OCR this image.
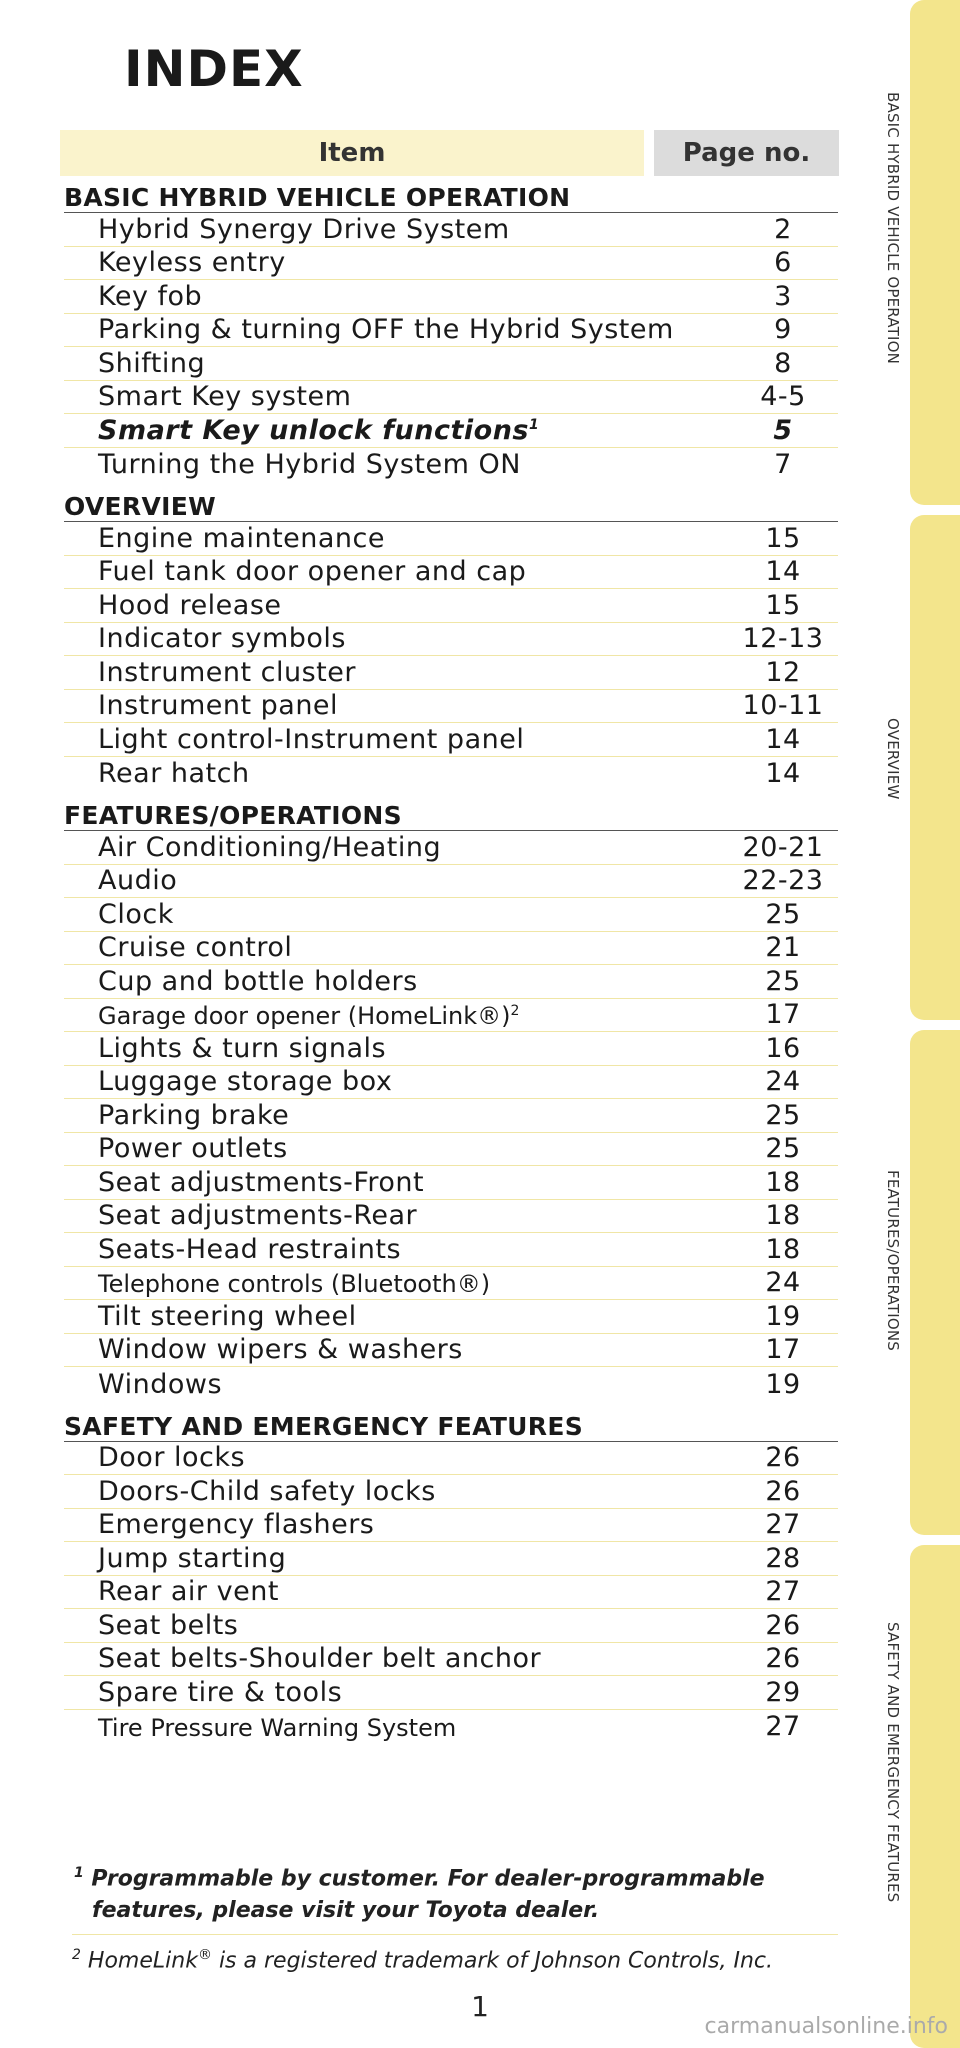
INDEX
Item	Page no.
BASIC HYBRID VEHICLE OPERATION
Hybrid Synergy Drive System	2
Keyless entry	6
Key fob	3
Parking & turning OFF the Hybrid System	9
Shifting	8
Smart Key system	4-5
Smart Key unlock functions$^1$	5
Turning the Hybrid System ON	7
OVERVIEW
Engine maintenance	15
Fuel tank door opener and cap	14
Hood release	15
Indicator symbols	12-13
Instrument cluster	12
Instrument panel	10-11
Light control-Instrument panel	14
Rear hatch	14
FEATURES/OPERATIONS
Air Conditioning/Heating	20-21
Audio	22-23
Clock	25
Cruise control	21
Cup and bottle holders	25
Garage door opener (HomeLink®)$^2$	17
Lights & turn signals	16
Luggage storage box	24
Parking brake	25
Power outlets	25
Seat adjustments-Front	18
Seat adjustments-Rear	18
Seats-Head restraints	18
Telephone controls (Bluetooth®)	24
Tilt steering wheel	19
Window wipers & washers	17
Windows	19
SAFETY AND EMERGENCY FEATURES
Door locks	26
Doors-Child safety locks	26
Emergency flashers	27
Jump starting	28
Rear air vent	27
Seat belts	26
Seat belts-Shoulder belt anchor	26
Spare tire & tools	29
Tire Pressure Warning System	27
BASIC HYBRID VEHICLE OPERATION
OVERVIEW
FEATURES/OPERATIONS
SAFETY AND EMERGENCY FEATURES
$^1$ Programmable by customer. For dealer-programmable
features, please visit your Toyota dealer.
$^2$ HomeLink® is a registered trademark of Johnson Controls, Inc.
1
carmanualsonline.info
